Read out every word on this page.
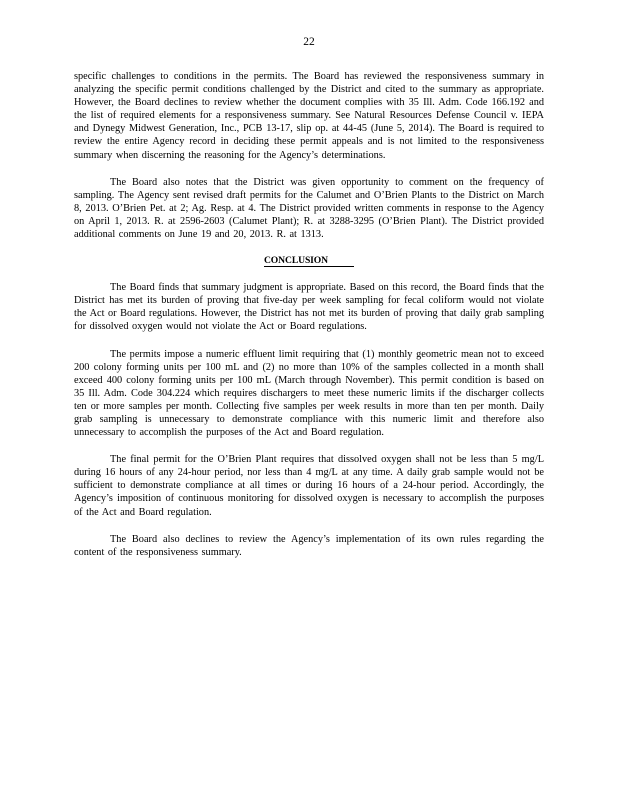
22

specific challenges to conditions in the permits. The Board has reviewed the responsiveness summary in analyzing the specific permit conditions challenged by the District and cited to the summary as appropriate. However, the Board declines to review whether the document complies with 35 Ill. Adm. Code 166.192 and the list of required elements for a responsiveness summary. See Natural Resources Defense Council v. IEPA and Dynegy Midwest Generation, Inc., PCB 13-17, slip op. at 44-45 (June 5, 2014). The Board is required to review the entire Agency record in deciding these permit appeals and is not limited to the responsiveness summary when discerning the reasoning for the Agency’s determinations.

The Board also notes that the District was given opportunity to comment on the frequency of sampling. The Agency sent revised draft permits for the Calumet and O’Brien Plants to the District on March 8, 2013. O’Brien Pet. at 2; Ag. Resp. at 4. The District provided written comments in response to the Agency on April 1, 2013. R. at 2596-2603 (Calumet Plant); R. at 3288-3295 (O’Brien Plant). The District provided additional comments on June 19 and 20, 2013. R. at 1313.

CONCLUSION

The Board finds that summary judgment is appropriate. Based on this record, the Board finds that the District has met its burden of proving that five-day per week sampling for fecal coliform would not violate the Act or Board regulations. However, the District has not met its burden of proving that daily grab sampling for dissolved oxygen would not violate the Act or Board regulations.

The permits impose a numeric effluent limit requiring that (1) monthly geometric mean not to exceed 200 colony forming units per 100 mL and (2) no more than 10% of the samples collected in a month shall exceed 400 colony forming units per 100 mL (March through November). This permit condition is based on 35 Ill. Adm. Code 304.224 which requires dischargers to meet these numeric limits if the discharger collects ten or more samples per month. Collecting five samples per week results in more than ten per month. Daily grab sampling is unnecessary to demonstrate compliance with this numeric limit and therefore also unnecessary to accomplish the purposes of the Act and Board regulation.

The final permit for the O’Brien Plant requires that dissolved oxygen shall not be less than 5 mg/L during 16 hours of any 24-hour period, nor less than 4 mg/L at any time. A daily grab sample would not be sufficient to demonstrate compliance at all times or during 16 hours of a 24-hour period. Accordingly, the Agency’s imposition of continuous monitoring for dissolved oxygen is necessary to accomplish the purposes of the Act and Board regulation.

The Board also declines to review the Agency’s implementation of its own rules regarding the content of the responsiveness summary.
